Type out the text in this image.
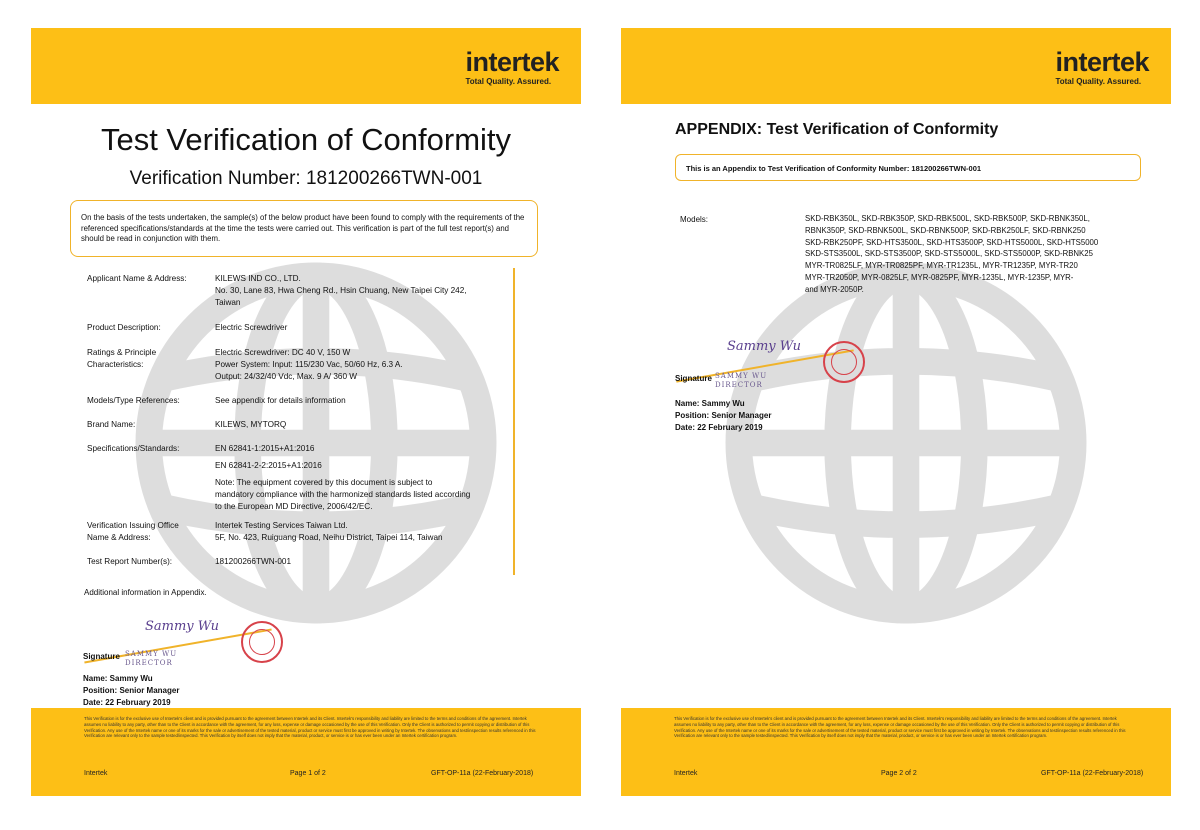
intertek
Total Quality. Assured.
Test Verification of Conformity
Verification Number: 181200266TWN-001
On the basis of the tests undertaken, the sample(s) of the below product have been found to comply with the requirements of the referenced specifications/standards at the time the tests were carried out. This verification is part of the full test report(s) and should be read in conjunction with them.
Applicant Name & Address:	KILEWS IND CO., LTD.
No. 30, Lane 83, Hwa Cheng Rd., Hsin Chuang, New Taipei City 242,
Taiwan
Product Description:	Electric Screwdriver
Ratings & Principle Characteristics:
Electric Screwdriver: DC 40 V, 150 W
Power System: Input: 115/230 Vac, 50/60 Hz, 6.3 A.
Output: 24/32/40 Vdc, Max. 9 A/ 360 W
Models/Type References:	See appendix for details information
Brand Name:	KILEWS, MYTORQ
Specifications/Standards:	EN 62841-1:2015+A1:2016
EN 62841-2-2:2015+A1:2016
Note: The equipment covered by this document is subject to
mandatory compliance with the harmonized standards listed according
to the European MD Directive, 2006/42/EC.
Verification Issuing Office Name & Address:
Intertek Testing Services Taiwan Ltd.
5F, No. 423, Ruiguang Road, Neihu District, Taipei 114, Taiwan
Test Report Number(s):	181200266TWN-001
Additional information in Appendix.
Sammy Wu
Signature SAMMY WU DIRECTOR
Name: Sammy Wu
Position: Senior Manager
Date: 22 February 2019
This Verification is for the exclusive use of Intertek's client and is provided pursuant to the agreement between Intertek and its Client. Intertek's responsibility and liability are limited to the terms and conditions of the agreement. Intertek assumes no liability to any party, other than to the Client in accordance with the agreement, for any loss, expense or damage occasioned by the use of this Verification. Only the Client is authorized to permit copying or distribution of this Verification. Any use of the Intertek name or one of its marks for the sale or advertisement of the tested material, product or service must first be approved in writing by Intertek. The observations and test/inspection results referenced in this Verification are relevant only to the sample tested/inspected. This Verification by itself does not imply that the material, product, or service is or has ever been under an Intertek certification program.
Intertek	Page 1 of 2	GFT-OP-11a (22-February-2018)
intertek
Total Quality. Assured.
APPENDIX: Test Verification of Conformity
This is an Appendix to Test Verification of Conformity Number: 181200266TWN-001
Models:	SKD-RBK350L, SKD-RBK350P, SKD-RBK500L, SKD-RBK500P, SKD-RBNK350L,
RBNK350P, SKD-RBNK500L, SKD-RBNK500P, SKD-RBK250LF, SKD-RBNK250
SKD-RBK250PF, SKD-HTS3500L, SKD-HTS3500P, SKD-HTS5000L, SKD-HTS5000
SKD-STS3500L, SKD-STS3500P, SKD-STS5000L, SKD-STS5000P, SKD-RBNK25
MYR-TR0825LF, MYR-TR0825PF, MYR-TR1235L, MYR-TR1235P, MYR-TR20
MYR-TR2050P, MYR-0825LF, MYR-0825PF, MYR-1235L, MYR-1235P, MYR-
and MYR-2050P.
Sammy Wu
Signature SAMMY WU DIRECTOR
Name: Sammy Wu
Position: Senior Manager
Date: 22 February 2019
This Verification is for the exclusive use of Intertek's client and is provided pursuant to the agreement between Intertek and its Client. Intertek's responsibility and liability are limited to the terms and conditions of the agreement. Intertek assumes no liability to any party, other than to the Client in accordance with the agreement, for any loss, expense or damage occasioned by the use of this Verification. Only the Client is authorized to permit copying or distribution of this Verification. Any use of the Intertek name or one of its marks for the sale or advertisement of the tested material, product or service must first be approved in writing by Intertek. The observations and test/inspection results referenced in this Verification are relevant only to the sample tested/inspected. This Verification by itself does not imply that the material, product, or service is or has ever been under an Intertek certification program.
Intertek	Page 2 of 2	GFT-OP-11a (22-February-2018)
